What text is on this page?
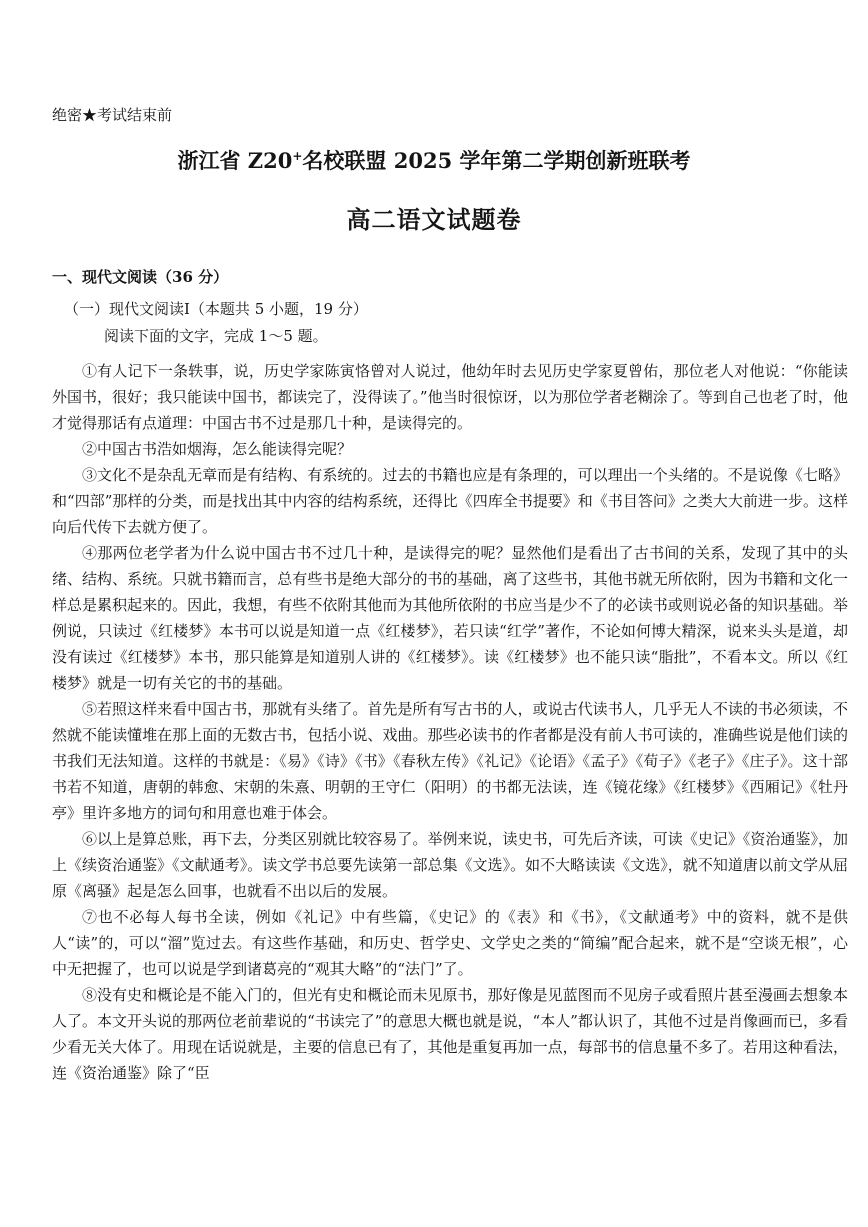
绝密★考试结束前
浙江省 Z20+名校联盟 2025 学年第二学期创新班联考
高二语文试题卷
一、现代文阅读（36 分）
（一）现代文阅读Ⅰ（本题共 5 小题，19 分）
阅读下面的文字，完成 1～5 题。

①有人记下一条轶事，说，历史学家陈寅恪曾对人说过，他幼年时去见历史学家夏曾佑，那位老人对他说：“你能读外国书，很好；我只能读中国书，都读完了，没得读了。”他当时很惊讶，以为那位学者老糊涂了。等到自己也老了时，他才觉得那话有点道理：中国古书不过是那几十种，是读得完的。

②中国古书浩如烟海，怎么能读得完呢？

③文化不是杂乱无章而是有结构、有系统的。过去的书籍也应是有条理的，可以理出一个头绪的。不是说像《七略》和“四部”那样的分类，而是找出其中内容的结构系统，还得比《四库全书提要》和《书目答问》之类大大前进一步。这样向后代传下去就方便了。

④那两位老学者为什么说中国古书不过几十种，是读得完的呢？显然他们是看出了古书间的关系，发现了其中的头绪、结构、系统。只就书籍而言，总有些书是绝大部分的书的基础，离了这些书，其他书就无所依附，因为书籍和文化一样总是累积起来的。因此，我想，有些不依附其他而为其他所依附的书应当是少不了的必读书或则说必备的知识基础。举例说，只读过《红楼梦》本书可以说是知道一点《红楼梦》，若只读“红学”著作，不论如何博大精深，说来头头是道，却没有读过《红楼梦》本书，那只能算是知道别人讲的《红楼梦》。读《红楼梦》也不能只读“脂批”，不看本文。所以《红楼梦》就是一切有关它的书的基础。

⑤若照这样来看中国古书，那就有头绪了。首先是所有写古书的人，或说古代读书人，几乎无人不读的书必须读，不然就不能读懂堆在那上面的无数古书，包括小说、戏曲。那些必读书的作者都是没有前人书可读的，准确些说是他们读的书我们无法知道。这样的书就是：《易》《诗》《书》《春秋左传》《礼记》《论语》《孟子》《荀子》《老子》《庄子》。这十部书若不知道，唐朝的韩愈、宋朝的朱熹、明朝的王守仁（阳明）的书都无法读，连《镜花缘》《红楼梦》《西厢记》《牡丹亭》里许多地方的词句和用意也难于体会。

⑥以上是算总账，再下去，分类区别就比较容易了。举例来说，读史书，可先后齐读，可读《史记》《资治通鉴》，加上《续资治通鉴》《文献通考》。读文学书总要先读第一部总集《文选》。如不大略读读《文选》，就不知道唐以前文学从屈原《离骚》起是怎么回事，也就看不出以后的发展。

⑦也不必每人每书全读，例如《礼记》中有些篇，《史记》的《表》和《书》，《文献通考》中的资料，就不是供人“读”的，可以“溜”览过去。有这些作基础，和历史、哲学史、文学史之类的“简编”配合起来，就不是“空谈无根”，心中无把握了，也可以说是学到诸葛亮的“观其大略”的“法门”了。

⑧没有史和概论是不能入门的，但光有史和概论而未见原书，那好像是见蓝图而不见房子或看照片甚至漫画去想象本人了。本文开头说的那两位老前辈说的“书读完了”的意思大概也就是说，“本人”都认识了，其他不过是肖像画而已，多看少看无关大体了。用现在话说就是，主要的信息已有了，其他是重复再加一点，每部书的信息量不多了。若用这种看法，连《资治通鉴》除了“臣
